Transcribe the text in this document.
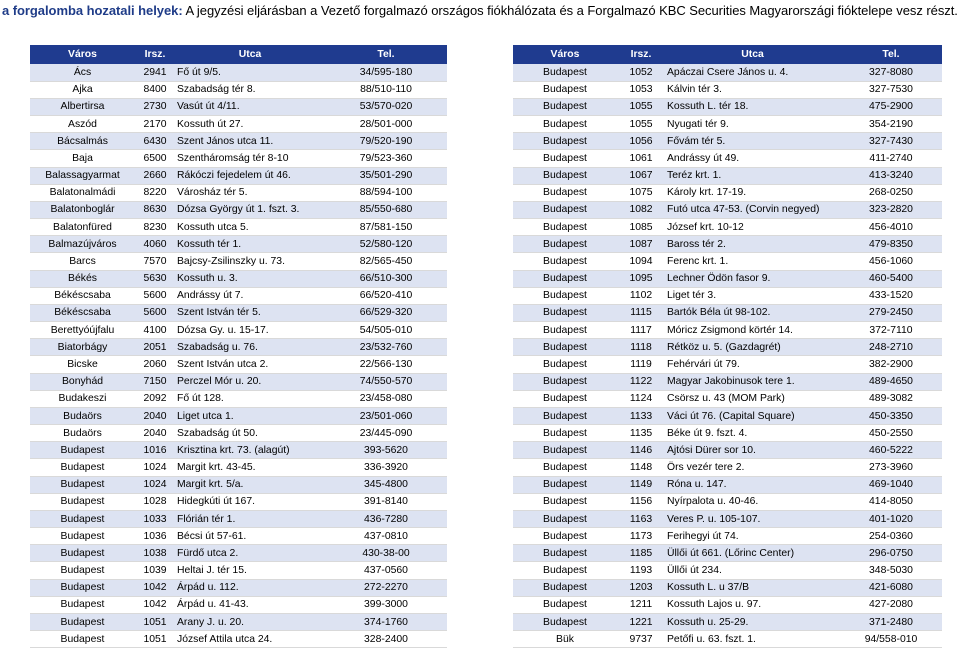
a forgalomba hozatali helyek: A jegyzési eljárásban a Vezető forgalmazó országos fiókhálózata és a Forgalmazó KBC Securities Magyarországi fióktelepe vesz részt.
Város	Irsz.	Utca	Tel.
Ács	2941	Fő út 9/5.	34/595-180
Ajka	8400	Szabadság tér 8.	88/510-110
Albertirsa	2730	Vasút út 4/11.	53/570-020
Aszód	2170	Kossuth út 27.	28/501-000
Bácsalmás	6430	Szent János utca 11.	79/520-190
Baja	6500	Szentháromság tér 8-10	79/523-360
Balassagyarmat	2660	Rákóczi fejedelem út 46.	35/501-290
Balatonalmádi	8220	Városház tér 5.	88/594-100
Balatonboglár	8630	Dózsa György út 1. fszt. 3.	85/550-680
Balatonfüred	8230	Kossuth utca 5.	87/581-150
Balmazújváros	4060	Kossuth tér 1.	52/580-120
Barcs	7570	Bajcsy-Zsilinszky u. 73.	82/565-450
Békés	5630	Kossuth u. 3.	66/510-300
Békéscsaba	5600	Andrássy út 7.	66/520-410
Békéscsaba	5600	Szent István tér 5.	66/529-320
Berettyóújfalu	4100	Dózsa Gy. u. 15-17.	54/505-010
Biatorbágy	2051	Szabadság u. 76.	23/532-760
Bicske	2060	Szent István utca 2.	22/566-130
Bonyhád	7150	Perczel Mór u. 20.	74/550-570
Budakeszi	2092	Fő út 128.	23/458-080
Budaörs	2040	Liget utca 1.	23/501-060
Budaörs	2040	Szabadság út 50.	23/445-090
Budapest	1016	Krisztina krt. 73. (alagút)	393-5620
Budapest	1024	Margit krt. 43-45.	336-3920
Budapest	1024	Margit krt. 5/a.	345-4800
Budapest	1028	Hidegkúti út 167.	391-8140
Budapest	1033	Flórián tér 1.	436-7280
Budapest	1036	Bécsi út 57-61.	437-0810
Budapest	1038	Fürdő utca 2.	430-38-00
Budapest	1039	Heltai J. tér 15.	437-0560
Budapest	1042	Árpád u. 112.	272-2270
Budapest	1042	Árpád u. 41-43.	399-3000
Budapest	1051	Arany J. u. 20.	374-1760
Budapest	1051	József Attila utca 24.	328-2400
Város	Irsz.	Utca	Tel.
Budapest	1052	Apáczai Csere János u. 4.	327-8080
Budapest	1053	Kálvin tér 3.	327-7530
Budapest	1055	Kossuth L. tér 18.	475-2900
Budapest	1055	Nyugati tér 9.	354-2190
Budapest	1056	Fővám tér 5.	327-7430
Budapest	1061	Andrássy út 49.	411-2740
Budapest	1067	Teréz krt. 1.	413-3240
Budapest	1075	Károly krt. 17-19.	268-0250
Budapest	1082	Futó utca 47-53. (Corvin negyed)	323-2820
Budapest	1085	József krt. 10-12	456-4010
Budapest	1087	Baross tér 2.	479-8350
Budapest	1094	Ferenc krt. 1.	456-1060
Budapest	1095	Lechner Ödön fasor 9.	460-5400
Budapest	1102	Liget tér 3.	433-1520
Budapest	1115	Bartók Béla út 98-102.	279-2450
Budapest	1117	Móricz Zsigmond körtér 14.	372-7110
Budapest	1118	Rétköz u. 5. (Gazdagrét)	248-2710
Budapest	1119	Fehérvári út 79.	382-2900
Budapest	1122	Magyar Jakobinusok tere 1.	489-4650
Budapest	1124	Csörsz u. 43 (MOM Park)	489-3082
Budapest	1133	Váci út 76. (Capital Square)	450-3350
Budapest	1135	Béke út 9. fszt. 4.	450-2550
Budapest	1146	Ajtósi Dürer sor 10.	460-5222
Budapest	1148	Örs vezér tere 2.	273-3960
Budapest	1149	Róna u. 147.	469-1040
Budapest	1156	Nyírpalota u. 40-46.	414-8050
Budapest	1163	Veres P. u. 105-107.	401-1020
Budapest	1173	Ferihegyi út 74.	254-0360
Budapest	1185	Üllői út 661. (Lőrinc Center)	296-0750
Budapest	1193	Üllői út 234.	348-5030
Budapest	1203	Kossuth L. u 37/B	421-6080
Budapest	1211	Kossuth Lajos u. 97.	427-2080
Budapest	1221	Kossuth u. 25-29.	371-2480
Bük	9737	Petőfi u. 63. fszt. 1.	94/558-010
